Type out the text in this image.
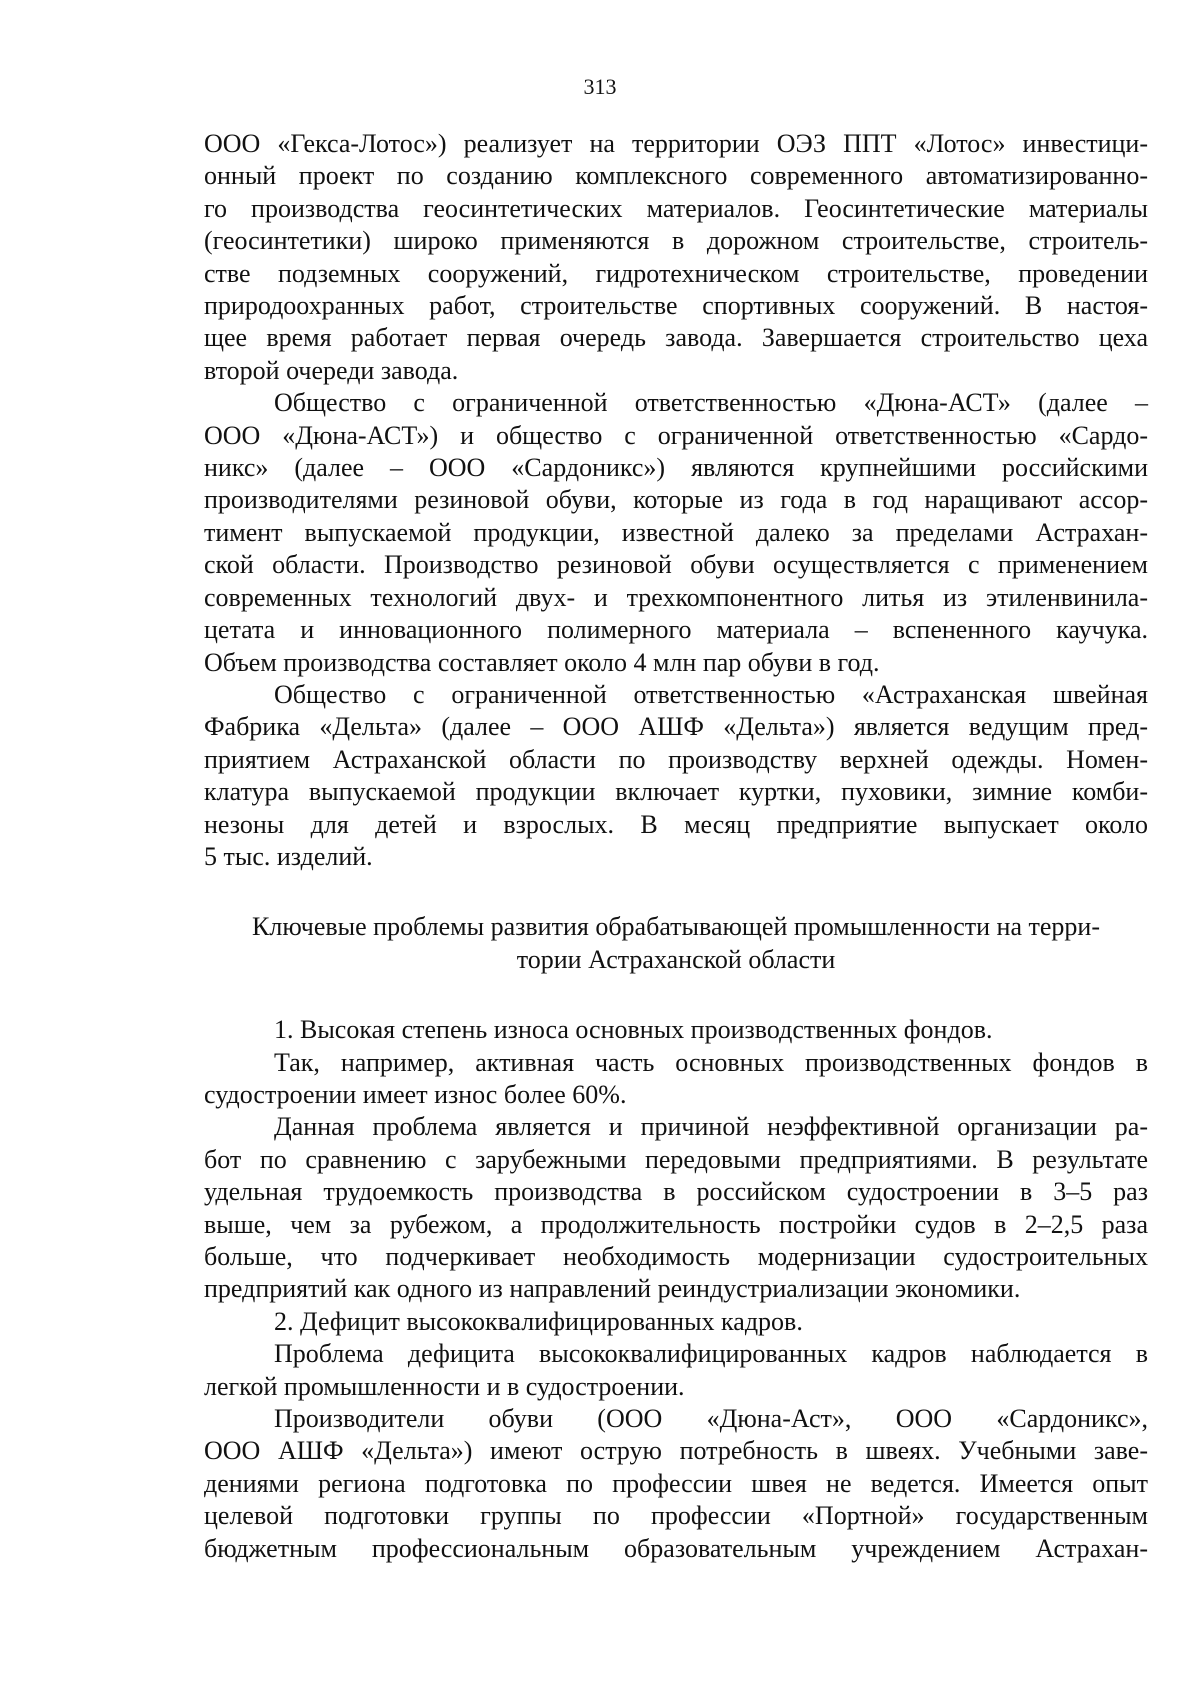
313

ООО «Гекса-Лотос») реализует на территории ОЭЗ ППТ «Лотос» инвестици-
онный проект по созданию комплексного современного автоматизированно-
го производства геосинтетических материалов. Геосинтетические материалы
(геосинтетики) широко применяются в дорожном строительстве, строитель-
стве подземных сооружений, гидротехническом строительстве, проведении
природоохранных работ, строительстве спортивных сооружений. В настоя-
щее время работает первая очередь завода. Завершается строительство цеха
второй очереди завода.

Общество с ограниченной ответственностью «Дюна-АСТ» (далее –
ООО «Дюна-АСТ») и общество с ограниченной ответственностью «Сардо-
никс» (далее – ООО «Сардоникс») являются крупнейшими российскими
производителями резиновой обуви, которые из года в год наращивают ассор-
тимент выпускаемой продукции, известной далеко за пределами Астрахан-
ской области. Производство резиновой обуви осуществляется с применением
современных технологий двух- и трехкомпонентного литья из этиленвинила-
цетата и инновационного полимерного материала – вспененного каучука.
Объем производства составляет около 4 млн пар обуви в год.

Общество с ограниченной ответственностью «Астраханская швейная
Фабрика «Дельта» (далее – ООО АШФ «Дельта») является ведущим пред-
приятием Астраханской области по производству верхней одежды. Номен-
клатура выпускаемой продукции включает куртки, пуховики, зимние комби-
незоны для детей и взрослых. В месяц предприятие выпускает около
5 тыс. изделий.

Ключевые проблемы развития обрабатывающей промышленности на терри-
тории Астраханской области

1. Высокая степень износа основных производственных фондов.

Так, например, активная часть основных производственных фондов в
судостроении имеет износ более 60%.

Данная проблема является и причиной неэффективной организации ра-
бот по сравнению с зарубежными передовыми предприятиями. В результате
удельная трудоемкость производства в российском судостроении в 3–5 раз
выше, чем за рубежом, а продолжительность постройки судов в 2–2,5 раза
больше, что подчеркивает необходимость модернизации судостроительных
предприятий как одного из направлений реиндустриализации экономики.

2. Дефицит высококвалифицированных кадров.

Проблема дефицита высококвалифицированных кадров наблюдается в
легкой промышленности и в судостроении.

Производители обуви (ООО «Дюна-Аст», ООО «Сардоникс»,
ООО АШФ «Дельта») имеют острую потребность в швеях. Учебными заве-
дениями региона подготовка по профессии швея не ведется. Имеется опыт
целевой подготовки группы по профессии «Портной» государственным
бюджетным профессиональным образовательным учреждением Астрахан-
